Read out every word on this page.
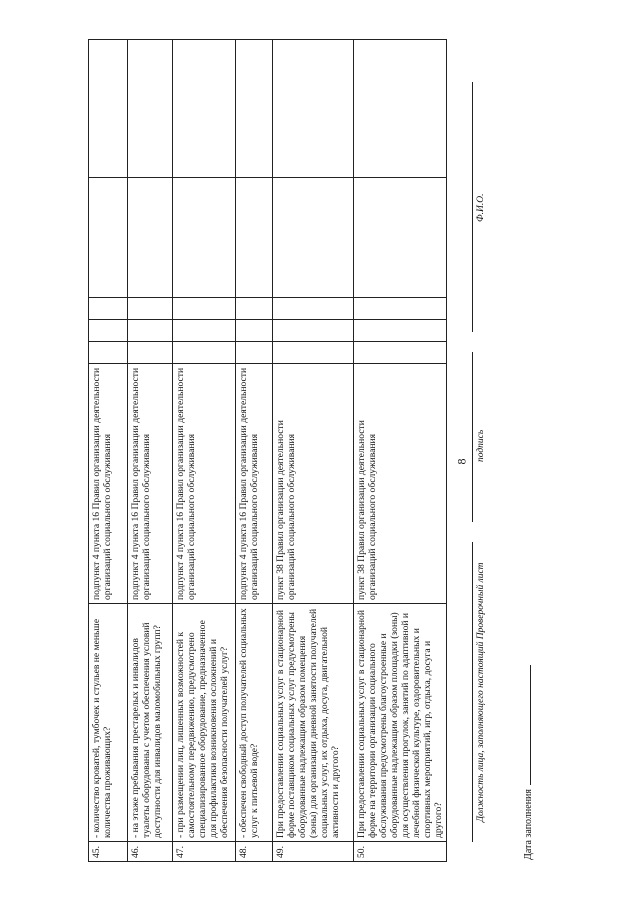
8
45.	- количество кроватей, тумбочек и стульев не меньше количества проживающих?	подпункт 4 пункта 16 Правил организации деятельности организаций социального обслуживания					
46.	- на этаже пребывания престарелых и инвалидов туалеты оборудованы с учетом обеспечения условий доступности для инвалидов маломобильных групп?	подпункт 4 пункта 16 Правил организации деятельности организаций социального обслуживания					
47.	- при размещении лиц, лишенных возможностей к самостоятельному передвижению, предусмотрено специализированное оборудование, предназначенное для профилактики возникновения осложнений и обеспечения безопасности получателей услуг?	подпункт 4 пункта 16 Правил организации деятельности организаций социального обслуживания					
48.	- обеспечен свободный доступ получателей социальных услуг к питьевой воде?	подпункт 4 пункта 16 Правил организации деятельности организаций социального обслуживания					
49.	При предоставлении социальных услуг в стационарной форме поставщиком социальных услуг предусмотрены оборудованные надлежащим образом помещения (зоны) для организации дневной занятости получателей социальных услуг, их отдыха, досуга, двигательной активности и другого?	пункт 38 Правил организации деятельности организаций социального обслуживания					
50.	При предоставлении социальных услуг в стационарной форме на территории организации социального обслуживания предусмотрены благоустроенные и оборудованные надлежащим образом площадки (зоны) для осуществления прогулок, занятий по адаптивной и лечебной физической культуре, оздоровительных и спортивных мероприятий, игр, отдыха, досуга и другого?	пункт 38 Правил организации деятельности организаций социального обслуживания					
Должность лица, заполняющего настоящий Проверочный лист
подпись
Ф.И.О.
Дата заполнения
